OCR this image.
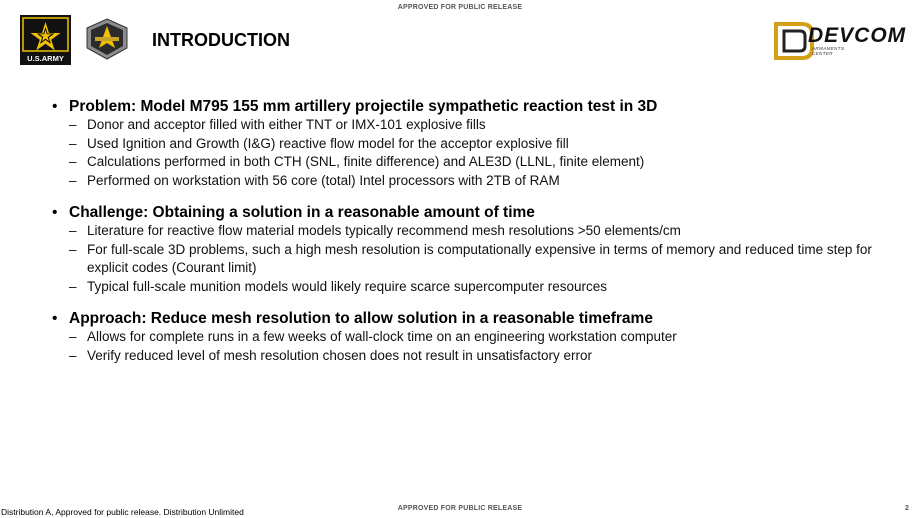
APPROVED FOR PUBLIC RELEASE
U.S.ARMY
INTRODUCTION	DEVCOM
ARMAMENTS
CENTER
• Problem: Model M795 155 mm artillery projectile sympathetic reaction test in 3D
– Donor and acceptor filled with either TNT or IMX-101 explosive fills
– Used Ignition and Growth (I&G) reactive flow model for the acceptor explosive fill
– Calculations performed in both CTH (SNL, finite difference) and ALE3D (LLNL, finite element)
– Performed on workstation with 56 core (total) Intel processors with 2TB of RAM
• Challenge: Obtaining a solution in a reasonable amount of time
– Literature for reactive flow material models typically recommend mesh resolutions >50 elements/cm
– For full-scale 3D problems, such a high mesh resolution is computationally expensive in terms of memory and reduced time step for explicit codes (Courant limit)
– Typical full-scale munition models would likely require scarce supercomputer resources
• Approach: Reduce mesh resolution to allow solution in a reasonable timeframe
– Allows for complete runs in a few weeks of wall-clock time on an engineering workstation computer
– Verify reduced level of mesh resolution chosen does not result in unsatisfactory error
Distribution A, Approved for public release. Distribution Unlimited	APPROVED FOR PUBLIC RELEASE	2
